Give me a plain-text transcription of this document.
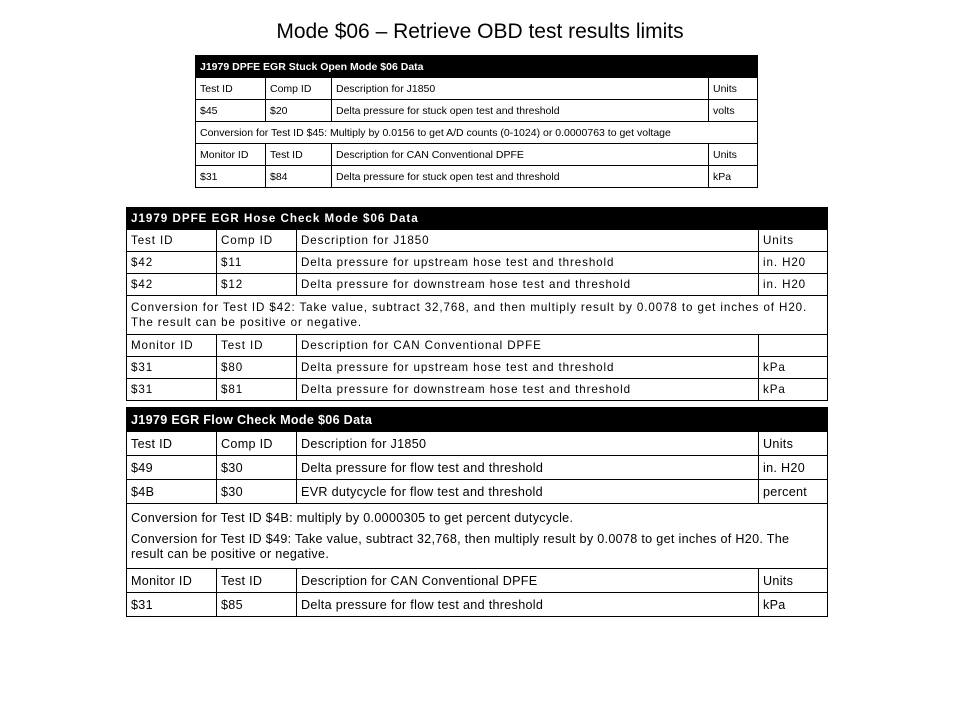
Mode $06 – Retrieve OBD test results limits
J1979 DPFE EGR Stuck Open Mode $06 Data			
Test ID	Comp ID	Description for J1850	Units
$45	$20	Delta pressure for stuck open test and threshold	volts
Conversion for Test ID $45: Multiply by 0.0156 to get A/D counts (0-1024) or 0.0000763 to get voltage			
Monitor ID	Test ID	Description for CAN Conventional DPFE	Units
$31	$84	Delta pressure for stuck open test and threshold	kPa
J1979 DPFE EGR Hose Check Mode $06 Data			
Test ID	Comp ID	Description for J1850	Units
$42	$11	Delta pressure for upstream hose test and threshold	in. H20
$42	$12	Delta pressure for downstream hose test and threshold	in. H20
Conversion for Test ID $42: Take value, subtract 32,768, and then multiply result by 0.0078 to get inches of H20. The result can be positive or negative.			
Monitor ID	Test ID	Description for CAN Conventional DPFE	
$31	$80	Delta pressure for upstream hose test and threshold	kPa
$31	$81	Delta pressure for downstream hose test and threshold	kPa
J1979 EGR Flow Check Mode $06 Data			
Test ID	Comp ID	Description for J1850	Units
$49	$30	Delta pressure for flow test and threshold	in. H20
$4B	$30	EVR dutycycle for flow test and threshold	percent

Conversion for Test ID $4B: multiply by 0.0000305 to get percent dutycycle.

Conversion for Test ID $49: Take value, subtract 32,768, then multiply result by 0.0078 to get inches of H20. The result can be positive or negative.			

Monitor ID	Test ID	Description for CAN Conventional DPFE	Units
$31	$85	Delta pressure for flow test and threshold	kPa
